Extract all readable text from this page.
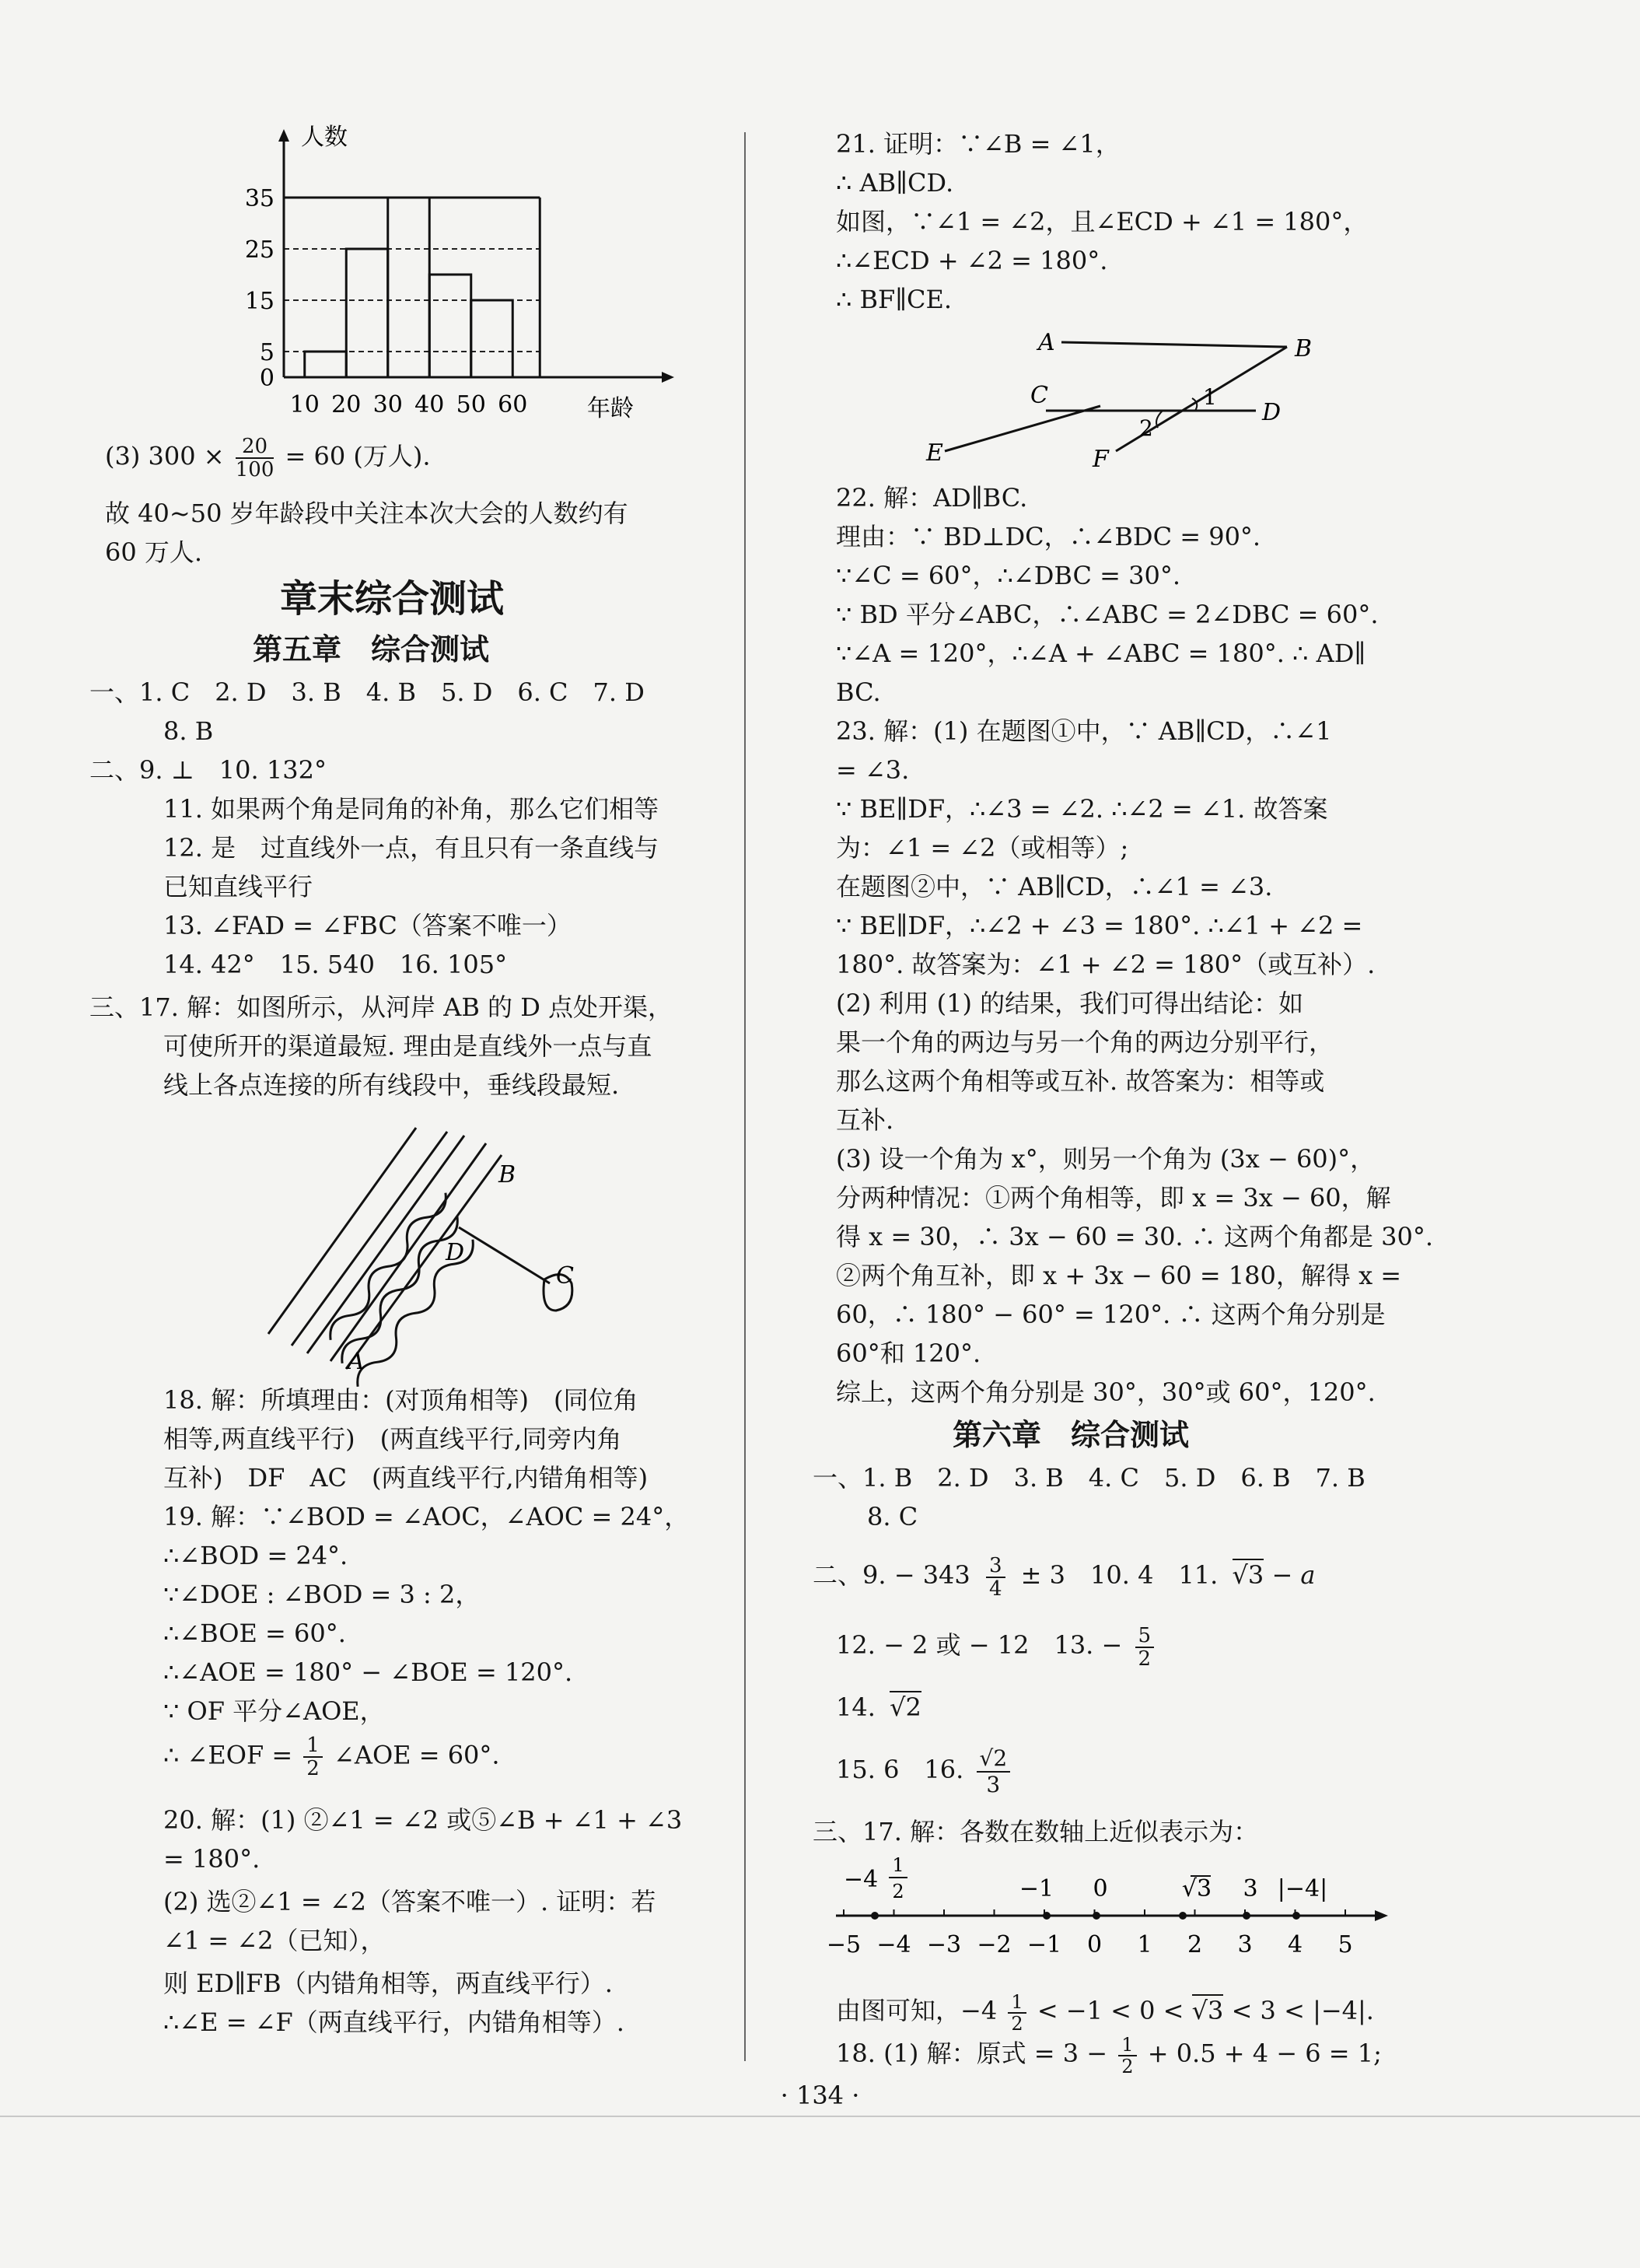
0
5
15
25
35
10 20 30 40 50 60
人数
年龄
(3) $300 \times \frac{20}{100} = 60$ (万人).
故 40~50 岁年龄段中关注本次大会的人数约有
60 万人.
章末综合测试
第五章　综合测试
一、1. C　2. D　3. B　4. B　5. D　6. C　7. D
8. B
二、9. ⊥　10. 132°
11. 如果两个角是同角的补角，那么它们相等
12. 是　过直线外一点，有且只有一条直线与
已知直线平行
13. ∠FAD = ∠FBC（答案不唯一）
14. 42°　15. 540　16. 105°
三、17. 解：如图所示，从河岸 AB 的 D 点处开渠，
可使所开的渠道最短. 理由是直线外一点与直
线上各点连接的所有线段中，垂线段最短.
B
D
C
A
18. 解：所填理由：(对顶角相等)　(同位角
相等,两直线平行)　(两直线平行,同旁内角
互补)　DF　AC　(两直线平行,内错角相等)
19. 解：∵∠BOD = ∠AOC，∠AOC = 24°，
∴∠BOD = 24°.
∵∠DOE : ∠BOD = 3 : 2，
∴∠BOE = 60°.
∴∠AOE = 180° − ∠BOE = 120°.
∵ OF 平分∠AOE，
∴ ∠EOF = $\frac{1}{2}$ ∠AOE = 60°.
20. 解：(1) ②∠1 = ∠2 或⑤∠B + ∠1 + ∠3
= 180°.
(2) 选②∠1 = ∠2（答案不唯一）. 证明：若
∠1 = ∠2（已知），
则 ED∥FB（内错角相等，两直线平行）.
∴∠E = ∠F（两直线平行，内错角相等）.
21. 证明：∵∠B = ∠1，
∴ AB∥CD.
如图，∵∠1 = ∠2，且∠ECD + ∠1 = 180°，
∴∠ECD + ∠2 = 180°.
∴ BF∥CE.
A	B
C	1
D
2
E	F
22. 解：AD∥BC.
理由：∵ BD⊥DC，∴∠BDC = 90°.
∵∠C = 60°，∴∠DBC = 30°.
∵ BD 平分∠ABC，∴∠ABC = 2∠DBC = 60°.
∵∠A = 120°，∴∠A + ∠ABC = 180°. ∴ AD∥
BC.
23. 解：(1) 在题图①中，∵ AB∥CD，∴∠1
= ∠3.
∵ BE∥DF，∴∠3 = ∠2. ∴∠2 = ∠1. 故答案
为：∠1 = ∠2（或相等）;
在题图②中，∵ AB∥CD，∴∠1 = ∠3.
∵ BE∥DF，∴∠2 + ∠3 = 180°. ∴∠1 + ∠2 =
180°. 故答案为：∠1 + ∠2 = 180°（或互补）.
(2) 利用 (1) 的结果，我们可得出结论：如
果一个角的两边与另一个角的两边分别平行，
那么这两个角相等或互补. 故答案为：相等或
互补.
(3) 设一个角为 x°，则另一个角为 (3x − 60)°，
分两种情况：①两个角相等，即 x = 3x − 60，解
得 x = 30，∴ 3x − 60 = 30. ∴ 这两个角都是 30°.
②两个角互补，即 x + 3x − 60 = 180，解得 x =
60，∴ 180° − 60° = 120°. ∴ 这两个角分别是
60°和 120°.
综上，这两个角分别是 30°，30°或 60°，120°.
第六章　综合测试
一、1. B　2. D　3. B　4. C　5. D　6. B　7. B
8. C
二、9. − $343 \frac{3}{4} \pm 3$　10. 4　11. √3 − a
12. − 2 或 − 12　13. − $\frac{5}{2}$
14. √2
15. 6　16. $\frac{√2}{3}$
三、17. 解：各数在数轴上近似表示为：
−4
1
2	−1 0	√3 3 |−4|
−5 −4 −3 −2 −1 0 1 2 3 4 5
由图可知，$-4 \frac{1}{2} < -1 < 0 < √3 < 3 < |-4|$.
18. (1) 解：原式 = $3 - \frac{1}{2} + 0.5 + 4 - 6 = 1$;
· 134 ·
